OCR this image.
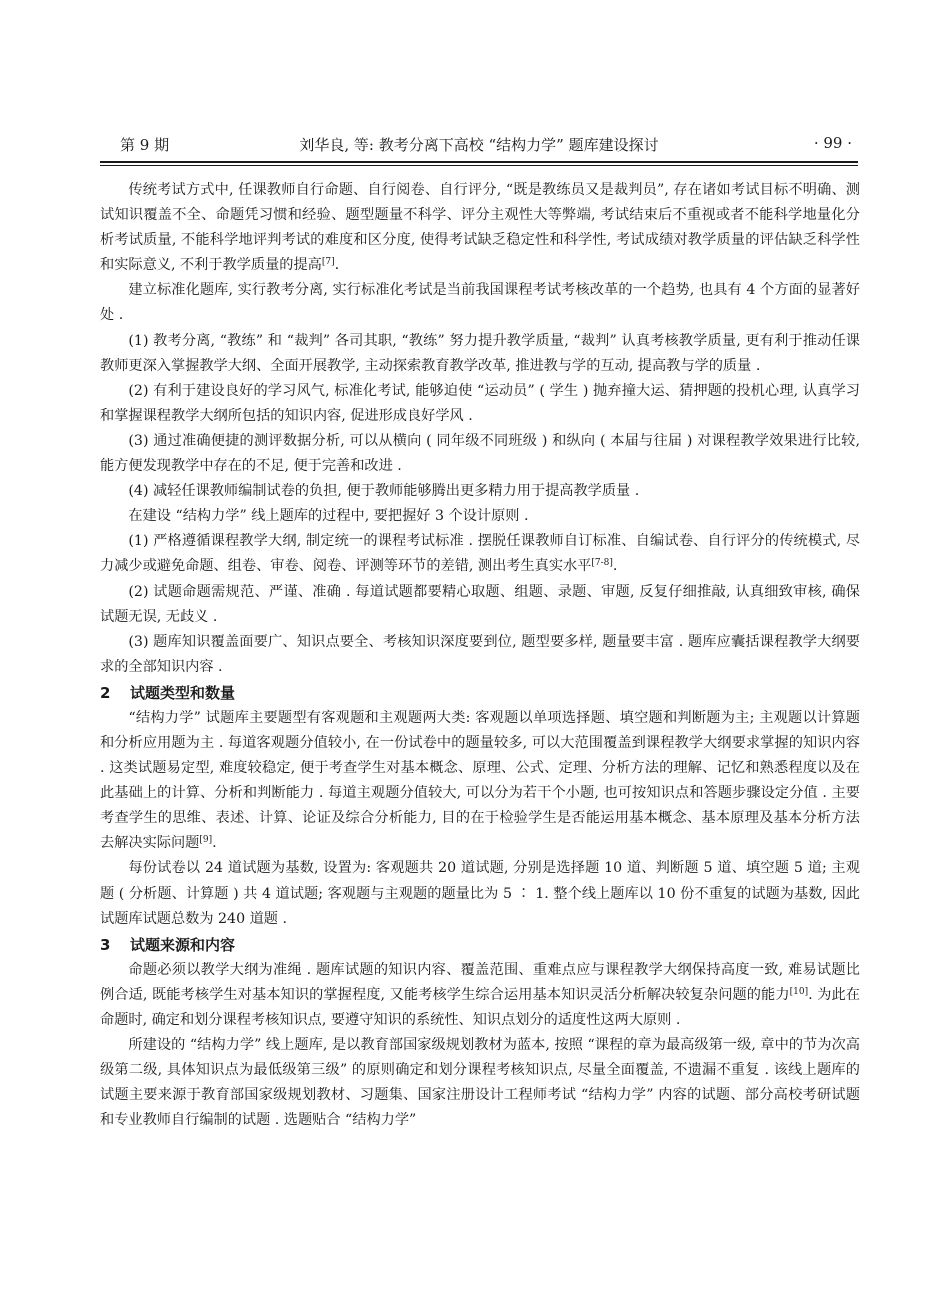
第 9 期	刘华良, 等: 教考分离下高校 “结构力学” 题库建设探讨	· 99 ·

传统考试方式中, 任课教师自行命题、自行阅卷、自行评分, “既是教练员又是裁判员”, 存在诸如考试目标不明确、测试知识覆盖不全、命题凭习惯和经验、题型题量不科学、评分主观性大等弊端, 考试结束后不重视或者不能科学地量化分析考试质量, 不能科学地评判考试的难度和区分度, 使得考试缺乏稳定性和科学性, 考试成绩对教学质量的评估缺乏科学性和实际意义, 不利于教学质量的提高[7].

建立标准化题库, 实行教考分离, 实行标准化考试是当前我国课程考试考核改革的一个趋势, 也具有 4 个方面的显著好处 .

(1) 教考分离, “教练” 和 “裁判” 各司其职, “教练” 努力提升教学质量, “裁判” 认真考核教学质量, 更有利于推动任课教师更深入掌握教学大纲、全面开展教学, 主动探索教育教学改革, 推进教与学的互动, 提高教与学的质量 .

(2) 有利于建设良好的学习风气, 标准化考试, 能够迫使 “运动员” ( 学生 ) 抛弃撞大运、猜押题的投机心理, 认真学习和掌握课程教学大纲所包括的知识内容, 促进形成良好学风 .

(3) 通过准确便捷的测评数据分析, 可以从横向 ( 同年级不同班级 ) 和纵向 ( 本届与往届 ) 对课程教学效果进行比较, 能方便发现教学中存在的不足, 便于完善和改进 .

(4) 减轻任课教师编制试卷的负担, 便于教师能够腾出更多精力用于提高教学质量 .

在建设 “结构力学” 线上题库的过程中, 要把握好 3 个设计原则 .

(1) 严格遵循课程教学大纲, 制定统一的课程考试标准 . 摆脱任课教师自订标准、自编试卷、自行评分的传统模式, 尽力减少或避免命题、组卷、审卷、阅卷、评测等环节的差错, 测出考生真实水平[7-8].

(2) 试题命题需规范、严谨、准确 . 每道试题都要精心取题、组题、录题、审题, 反复仔细推敲, 认真细致审核, 确保试题无误, 无歧义 .

(3) 题库知识覆盖面要广、知识点要全、考核知识深度要到位, 题型要多样, 题量要丰富 . 题库应囊括课程教学大纲要求的全部知识内容 .

2 试题类型和数量

“结构力学” 试题库主要题型有客观题和主观题两大类: 客观题以单项选择题、填空题和判断题为主; 主观题以计算题和分析应用题为主 . 每道客观题分值较小, 在一份试卷中的题量较多, 可以大范围覆盖到课程教学大纲要求掌握的知识内容 . 这类试题易定型, 难度较稳定, 便于考查学生对基本概念、原理、公式、定理、分析方法的理解、记忆和熟悉程度以及在此基础上的计算、分析和判断能力 . 每道主观题分值较大, 可以分为若干个小题, 也可按知识点和答题步骤设定分值 . 主要考查学生的思维、表述、计算、论证及综合分析能力, 目的在于检验学生是否能运用基本概念、基本原理及基本分析方法去解决实际问题[9].

每份试卷以 24 道试题为基数, 设置为: 客观题共 20 道试题, 分别是选择题 10 道、判断题 5 道、填空题 5 道; 主观题 ( 分析题、计算题 ) 共 4 道试题; 客观题与主观题的题量比为 5 ∶ 1. 整个线上题库以 10 份不重复的试题为基数, 因此试题库试题总数为 240 道题 .

3 试题来源和内容

命题必须以教学大纲为准绳 . 题库试题的知识内容、覆盖范围、重难点应与课程教学大纲保持高度一致, 难易试题比例合适, 既能考核学生对基本知识的掌握程度, 又能考核学生综合运用基本知识灵活分析解决较复杂问题的能力[10]. 为此在命题时, 确定和划分课程考核知识点, 要遵守知识的系统性、知识点划分的适度性这两大原则 .

所建设的 “结构力学” 线上题库, 是以教育部国家级规划教材为蓝本, 按照 “课程的章为最高级第一级, 章中的节为次高级第二级, 具体知识点为最低级第三级” 的原则确定和划分课程考核知识点, 尽量全面覆盖, 不遗漏不重复 . 该线上题库的试题主要来源于教育部国家级规划教材、习题集、国家注册设计工程师考试 “结构力学” 内容的试题、部分高校考研试题和专业教师自行编制的试题 . 选题贴合 “结构力学”
